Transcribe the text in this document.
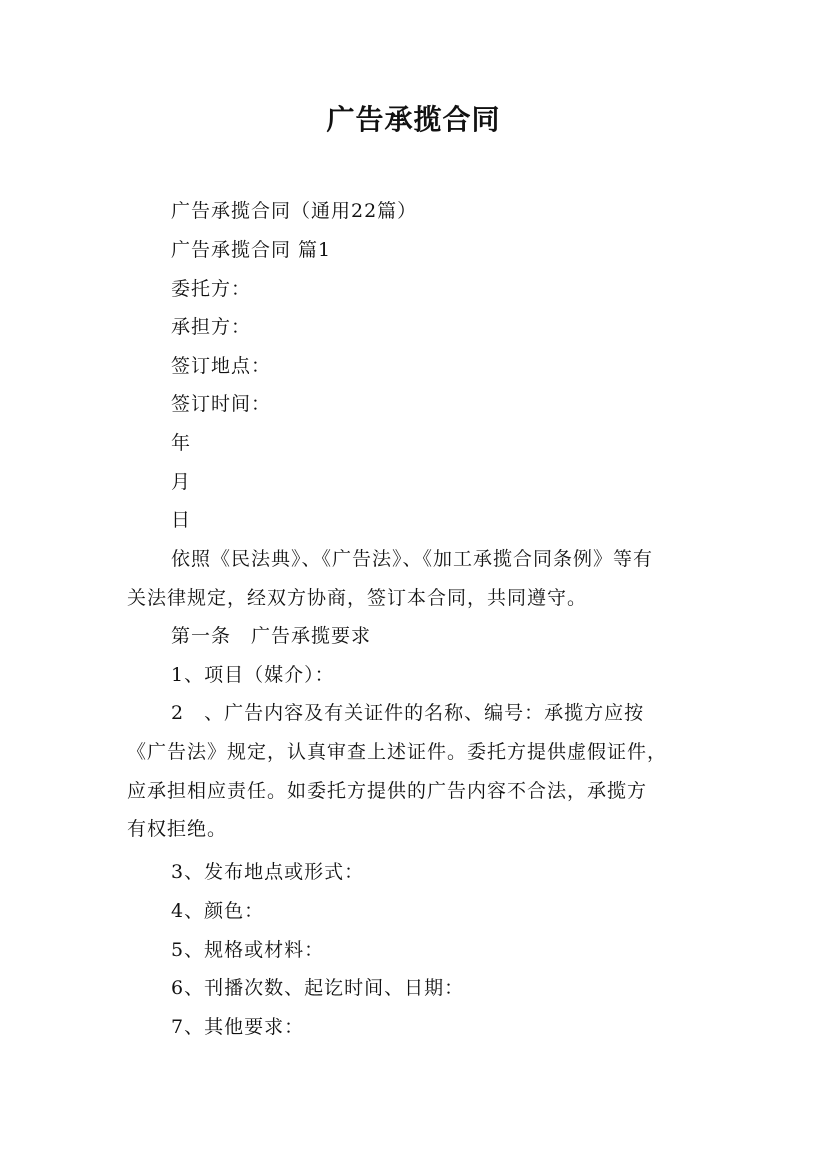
广告承揽合同
广告承揽合同（通用22篇）
广告承揽合同 篇1
委托方：
承担方：
签订地点：
签订时间：
年
月
日
依照《民法典》、《广告法》、《加工承揽合同条例》等有
关法律规定，经双方协商，签订本合同，共同遵守。
第一条　广告承揽要求
1、项目（媒介）：
2　、广告内容及有关证件的名称、编号：承揽方应按
《广告法》规定，认真审查上述证件。委托方提供虚假证件，
应承担相应责任。如委托方提供的广告内容不合法，承揽方
有权拒绝。
3、发布地点或形式：
4、颜色：
5、规格或材料：
6、刊播次数、起讫时间、日期：
7、其他要求：
